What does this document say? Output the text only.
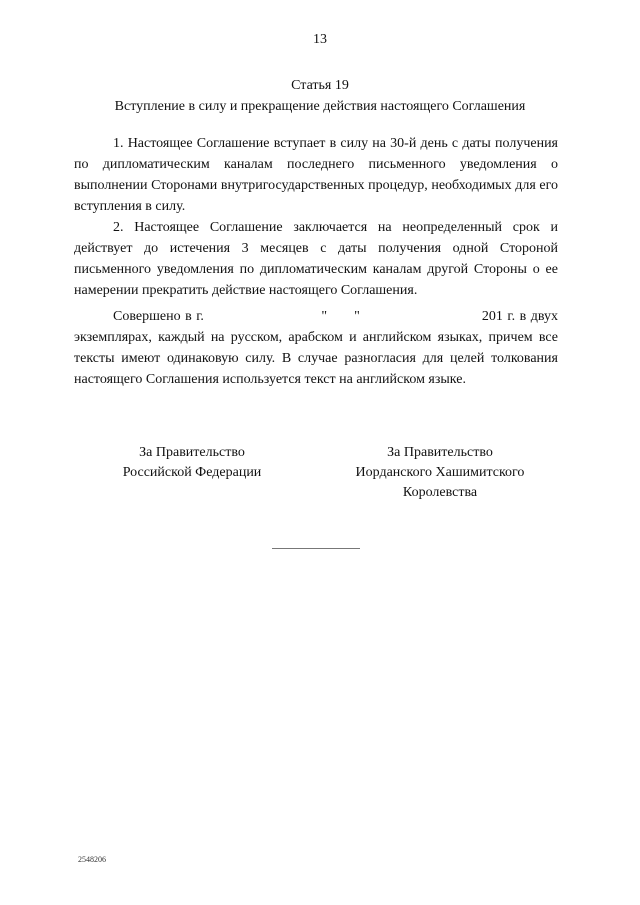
13
Статья 19
Вступление в силу и прекращение действия настоящего Соглашения

1. Настоящее Соглашение вступает в силу на 30-й день с даты получения по дипломатическим каналам последнего письменного уведомления о выполнении Сторонами внутригосударственных процедур, необходимых для его вступления в силу.

2. Настоящее Соглашение заключается на неопределенный срок и действует до истечения 3 месяцев с даты получения одной Стороной письменного уведомления по дипломатическим каналам другой Стороны о ее намерении прекратить действие настоящего Соглашения.

Совершено в г.                          "      "                           201 г. в двух экземплярах, каждый на русском, арабском и английском языках, причем все тексты имеют одинаковую силу. В случае разногласия для целей толкования настоящего Соглашения используется текст на английском языке.

За Правительство
Российской Федерации
За Правительство
Иорданского Хашимитского
Королевства
2548206
